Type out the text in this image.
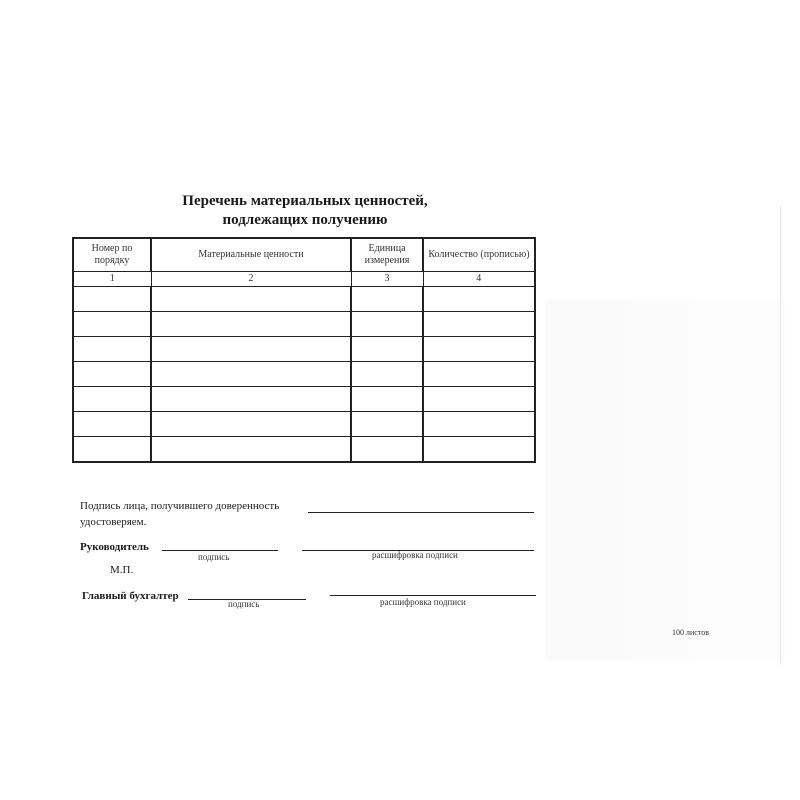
Перечень материальных ценностей,
подлежащих получению
Номер по порядку	Материальные ценности	Единица измерения	Количество (прописью)
1	2	3	4

Подпись лица, получившего доверенность
удостоверяем.
Руководитель
подпись	расшифровка подписи
М.П.
Главный бухгалтер
подпись	расшифровка подписи
100 листов
